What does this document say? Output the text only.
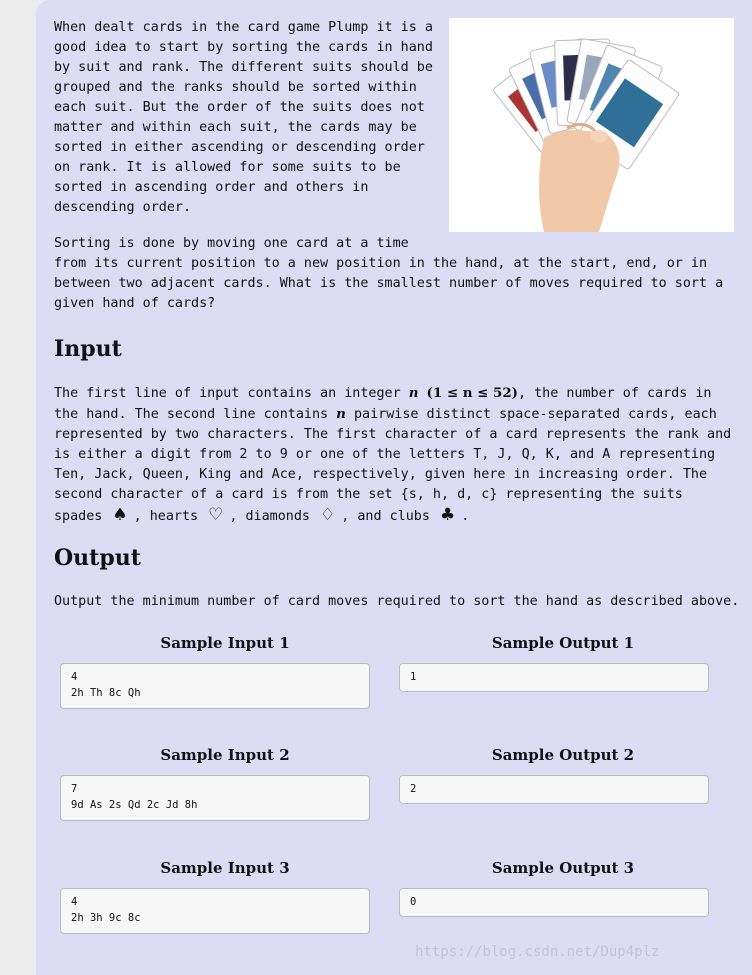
When dealt cards in the card game Plump it is a good idea to start by sorting the cards in hand by suit and rank. The different suits should be grouped and the ranks should be sorted within each suit. But the order of the suits does not matter and within each suit, the cards may be sorted in either ascending or descending order on rank. It is allowed for some suits to be sorted in ascending order and others in descending order.

Sorting is done by moving one card at a time
from its current position to a new position in the hand, at the start, end, or in between two adjacent cards. What is the smallest number of moves required to sort a given hand of cards?

Input

The first line of input contains an integer n (1 ≤ n ≤ 52), the number of cards in the hand. The second line contains n pairwise distinct space-separated cards, each represented by two characters. The first character of a card represents the rank and is either a digit from 2 to 9 or one of the letters T, J, Q, K, and A representing Ten, Jack, Queen, King and Ace, respectively, given here in increasing order. The second character of a card is from the set {s, h, d, c} representing the suits
spades ♠ , hearts ♡ , diamonds ♢ , and clubs ♣ .

Output

Output the minimum number of card moves required to sort the hand as described above.

Sample Input 1	Sample Output 1
4
2h Th 8c Qh
1
Sample Input 2	Sample Output 2
7
9d As 2s Qd 2c Jd 8h
2
Sample Input 3	Sample Output 3
4
2h 3h 9c 8c
0
https://blog.csdn.net/Dup4plz
